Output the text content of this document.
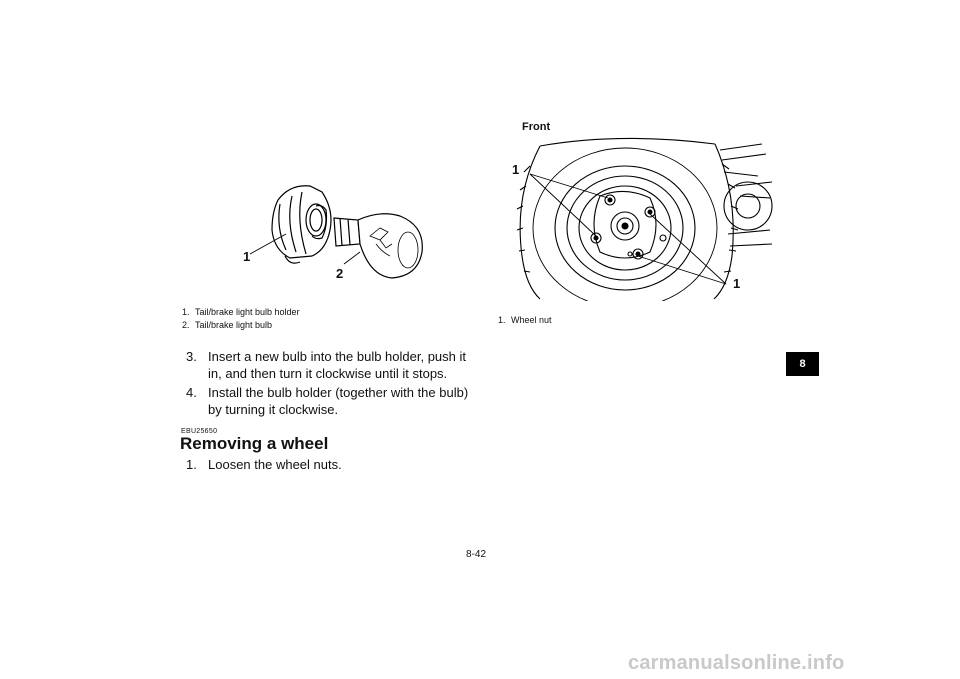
1
2
1. Tail/brake light bulb holder
2. Tail/brake light bulb
Front
1
1
1. Wheel nut
3. Insert a new bulb into the bulb holder, push it in, and then turn it clockwise until it stops.
4. Install the bulb holder (together with the bulb) by turning it clockwise.
EBU25650
Removing a wheel
1. Loosen the wheel nuts.
8
8-42
carmanualsonline.info
